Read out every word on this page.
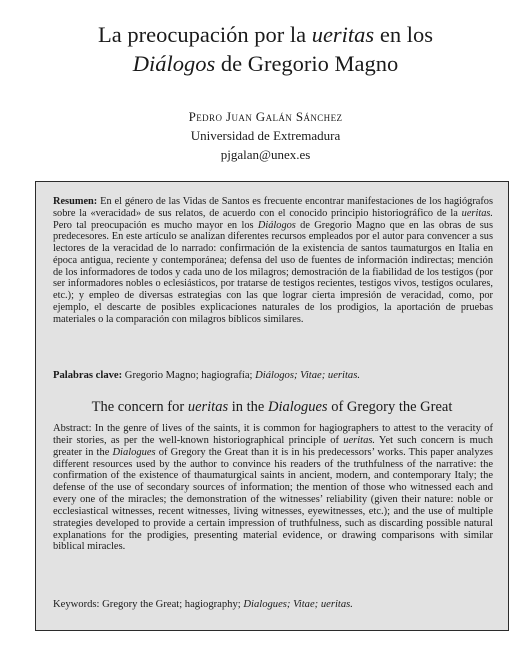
La preocupación por la ueritas en los
Diálogos de Gregorio Magno
Pedro Juan Galán Sánchez
Universidad de Extremadura
pjgalan@unex.es
Resumen: En el género de las Vidas de Santos es frecuente encontrar manifestaciones de los hagiógrafos sobre la «veracidad» de sus relatos, de acuerdo con el conocido principio historiográfico de la ueritas. Pero tal preocupación es mucho mayor en los Diálogos de Gregorio Magno que en las obras de sus predecesores. En este artículo se analizan diferentes recursos empleados por el autor para convencer a sus lectores de la veracidad de lo narrado: confirmación de la existencia de santos taumaturgos en Italia en época antigua, reciente y contemporánea; defensa del uso de fuentes de información indirectas; mención de los informadores de todos y cada uno de los milagros; demostración de la fiabilidad de los testigos (por ser informadores nobles o eclesiásticos, por tratarse de testigos recientes, testigos vivos, testigos oculares, etc.); y empleo de diversas estrategias con las que lograr cierta impresión de veracidad, como, por ejemplo, el descarte de posibles explicaciones naturales de los prodigios, la aportación de pruebas materiales o la comparación con milagros bíblicos similares.
Palabras clave: Gregorio Magno; hagiografía; Diálogos; Vitae; ueritas.
The concern for ueritas in the Dialogues of Gregory the Great
Abstract: In the genre of lives of the saints, it is common for hagiographers to attest to the veracity of their stories, as per the well-known historiographical principle of ueritas. Yet such concern is much greater in the Dialogues of Gregory the Great than it is in his predecessors’ works. This paper analyzes different resources used by the author to convince his readers of the truthfulness of the narrative: the confirmation of the existence of thaumaturgical saints in ancient, modern, and contemporary Italy; the defense of the use of secondary sources of information; the mention of those who witnessed each and every one of the miracles; the demonstration of the witnesses’ reliability (given their nature: noble or ecclesiastical witnesses, recent witnesses, living witnesses, eyewitnesses, etc.); and the use of multiple strategies developed to provide a certain impression of truthfulness, such as discarding possible natural explanations for the prodigies, presenting material evidence, or drawing comparisons with similar biblical miracles.
Keywords: Gregory the Great; hagiography; Dialogues; Vitae; ueritas.
